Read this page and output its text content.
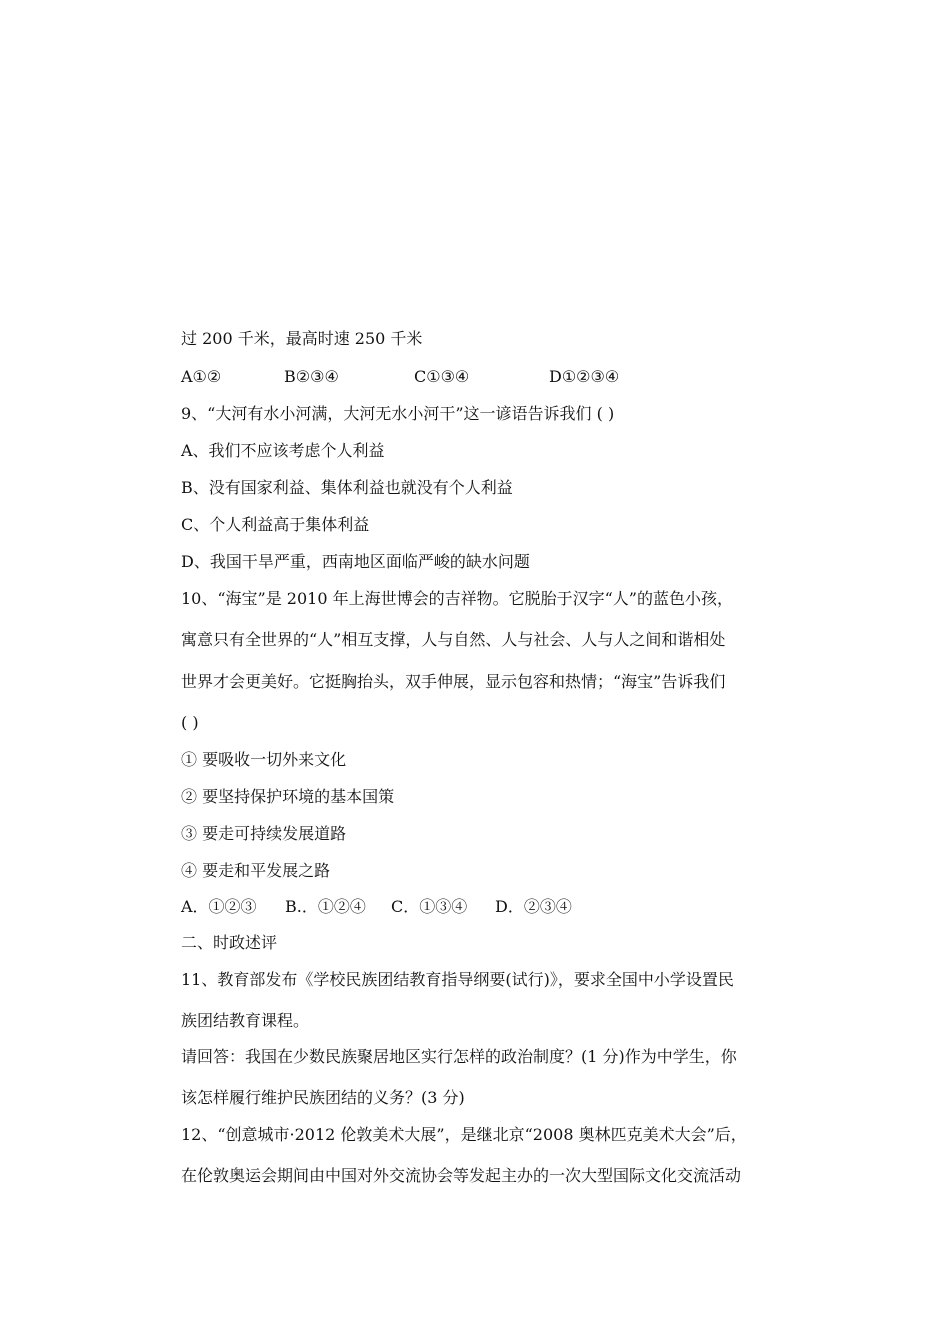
过 200 千米，最高时速 250 千米
A①②	B②③④	C①③④	D①②③④
9、“大河有水小河满，大河无水小河干”这一谚语告诉我们 ( )
A、我们不应该考虑个人利益
B、没有国家利益、集体利益也就没有个人利益
C、个人利益高于集体利益
D、我国干旱严重，西南地区面临严峻的缺水问题
10、“海宝”是 2010 年上海世博会的吉祥物。它脱胎于汉字“人”的蓝色小孩，
寓意只有全世界的“人”相互支撑，人与自然、人与社会、人与人之间和谐相处
世界才会更美好。它挺胸抬头，双手伸展，显示包容和热情；“海宝”告诉我们
( )
① 要吸收一切外来文化
② 要坚持保护环境的基本国策
③ 要走可持续发展道路
④ 要走和平发展之路
A．①②③ B.．①②④ C．①③④ D．②③④
二、时政述评
11、教育部发布《学校民族团结教育指导纲要(试行)》，要求全国中小学设置民
族团结教育课程。
请回答：我国在少数民族聚居地区实行怎样的政治制度？(1 分)作为中学生，你
该怎样履行维护民族团结的义务？(3 分)
12、“创意城市·2012 伦敦美术大展”，是继北京“2008 奥林匹克美术大会”后，
在伦敦奥运会期间由中国对外交流协会等发起主办的一次大型国际文化交流活动
